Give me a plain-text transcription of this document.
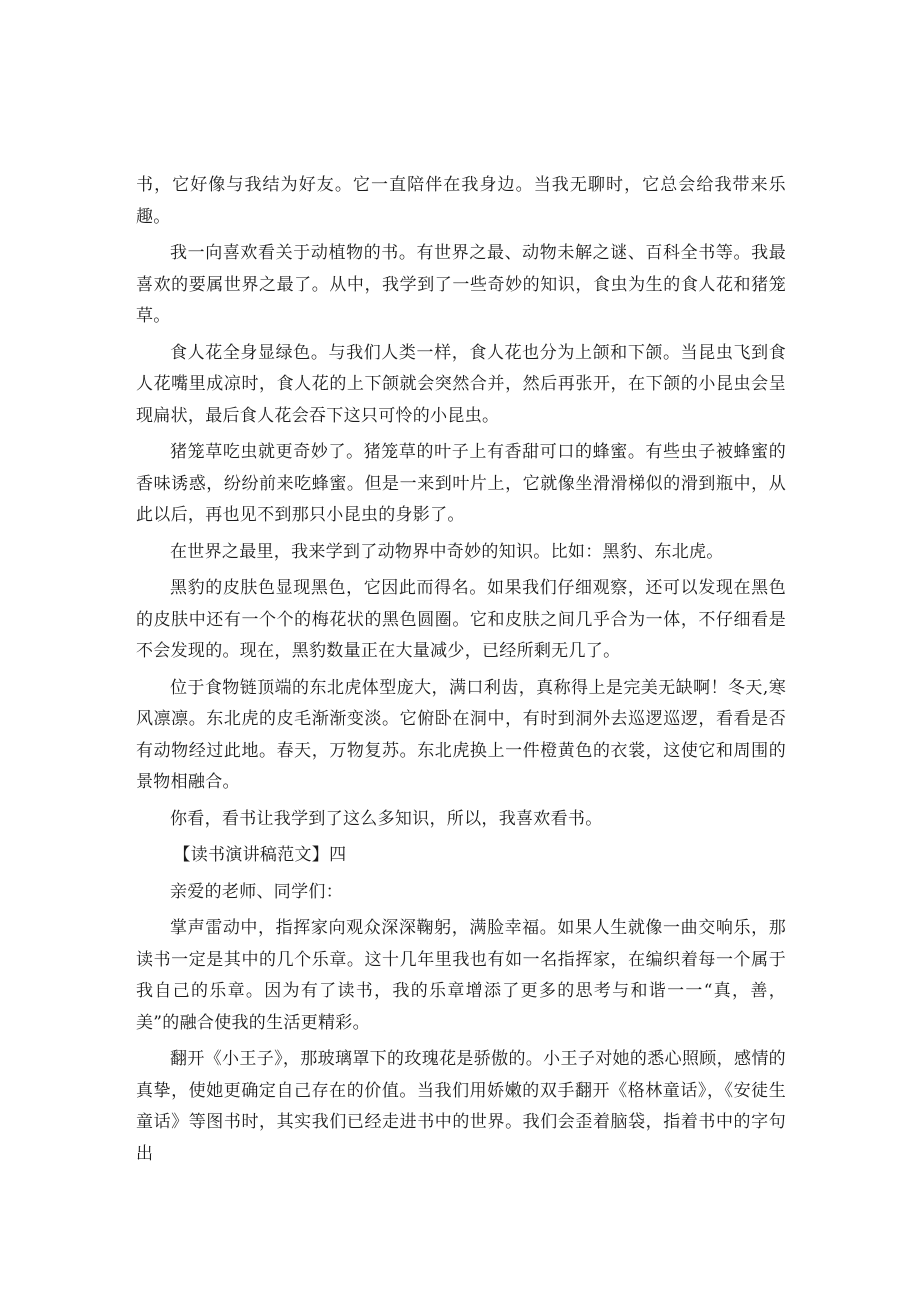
书，它好像与我结为好友。它一直陪伴在我身边。当我无聊时，它总会给我带来乐趣。

我一向喜欢看关于动植物的书。有世界之最、动物未解之谜、百科全书等。我最喜欢的要属世界之最了。从中，我学到了一些奇妙的知识，食虫为生的食人花和猪笼草。

食人花全身显绿色。与我们人类一样，食人花也分为上颌和下颌。当昆虫飞到食人花嘴里成凉时，食人花的上下颌就会突然合并，然后再张开，在下颌的小昆虫会呈现扁状，最后食人花会吞下这只可怜的小昆虫。

猪笼草吃虫就更奇妙了。猪笼草的叶子上有香甜可口的蜂蜜。有些虫子被蜂蜜的香味诱惑，纷纷前来吃蜂蜜。但是一来到叶片上，它就像坐滑滑梯似的滑到瓶中，从此以后，再也见不到那只小昆虫的身影了。

在世界之最里，我来学到了动物界中奇妙的知识。比如：黑豹、东北虎。

黑豹的皮肤色显现黑色，它因此而得名。如果我们仔细观察，还可以发现在黑色的皮肤中还有一个个的梅花状的黑色圆圈。它和皮肤之间几乎合为一体，不仔细看是不会发现的。现在，黑豹数量正在大量减少，已经所剩无几了。

位于食物链顶端的东北虎体型庞大，满口利齿，真称得上是完美无缺啊！冬天,寒风凛凛。东北虎的皮毛渐渐变淡。它俯卧在洞中，有时到洞外去巡逻巡逻，看看是否有动物经过此地。春天，万物复苏。东北虎换上一件橙黄色的衣裳，这使它和周围的景物相融合。

你看，看书让我学到了这么多知识，所以，我喜欢看书。

【读书演讲稿范文】四

亲爱的老师、同学们：

掌声雷动中，指挥家向观众深深鞠躬，满脸幸福。如果人生就像一曲交响乐，那读书一定是其中的几个乐章。这十几年里我也有如一名指挥家，在编织着每一个属于我自己的乐章。因为有了读书，我的乐章增添了更多的思考与和谐一一“真，善，美”的融合使我的生活更精彩。

翻开《小王子》，那玻璃罩下的玫瑰花是骄傲的。小王子对她的悉心照顾，感情的真挚，使她更确定自己存在的价值。当我们用娇嫩的双手翻开《格林童话》，《安徒生童话》等图书时，其实我们已经走进书中的世界。我们会歪着脑袋，指着书中的字句出
